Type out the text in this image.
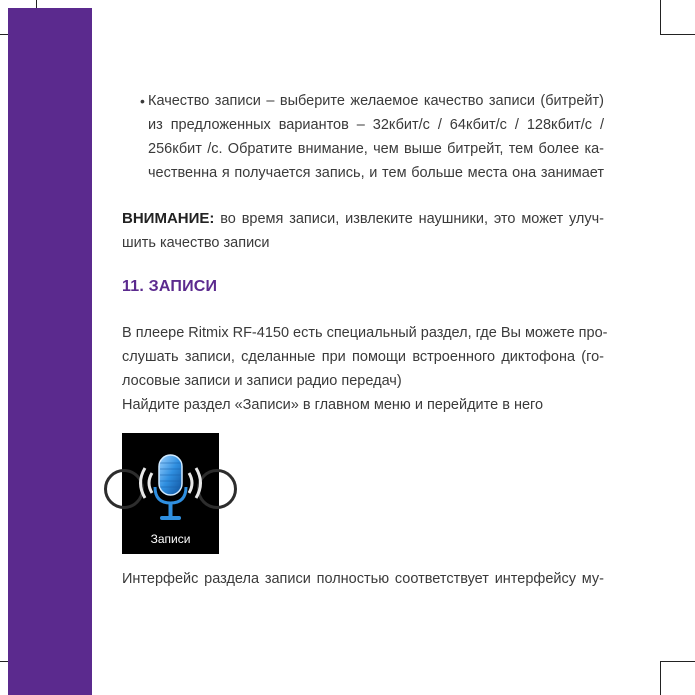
• Качество записи – выберите желаемое качество записи (битрейт)
из предложенных вариантов – 32кбит/с / 64кбит/с / 128кбит/с /
256кбит /с. Обратите внимание, чем выше битрейт, тем более ка-
чественна я получается запись, и тем больше места она занимает
ВНИМАНИЕ: во время записи, извлеките наушники, это может улуч-
шить качество записи
11. ЗАПИСИ
В плеере Ritmix RF-4150 есть специальный раздел, где Вы можете про-
слушать записи, сделанные при помощи встроенного диктофона (го-
лосовые записи и записи радио передач)
Найдите раздел «Записи» в главном меню и перейдите в него
Записи
Интерфейс раздела записи полностью соответствует интерфейсу му-
